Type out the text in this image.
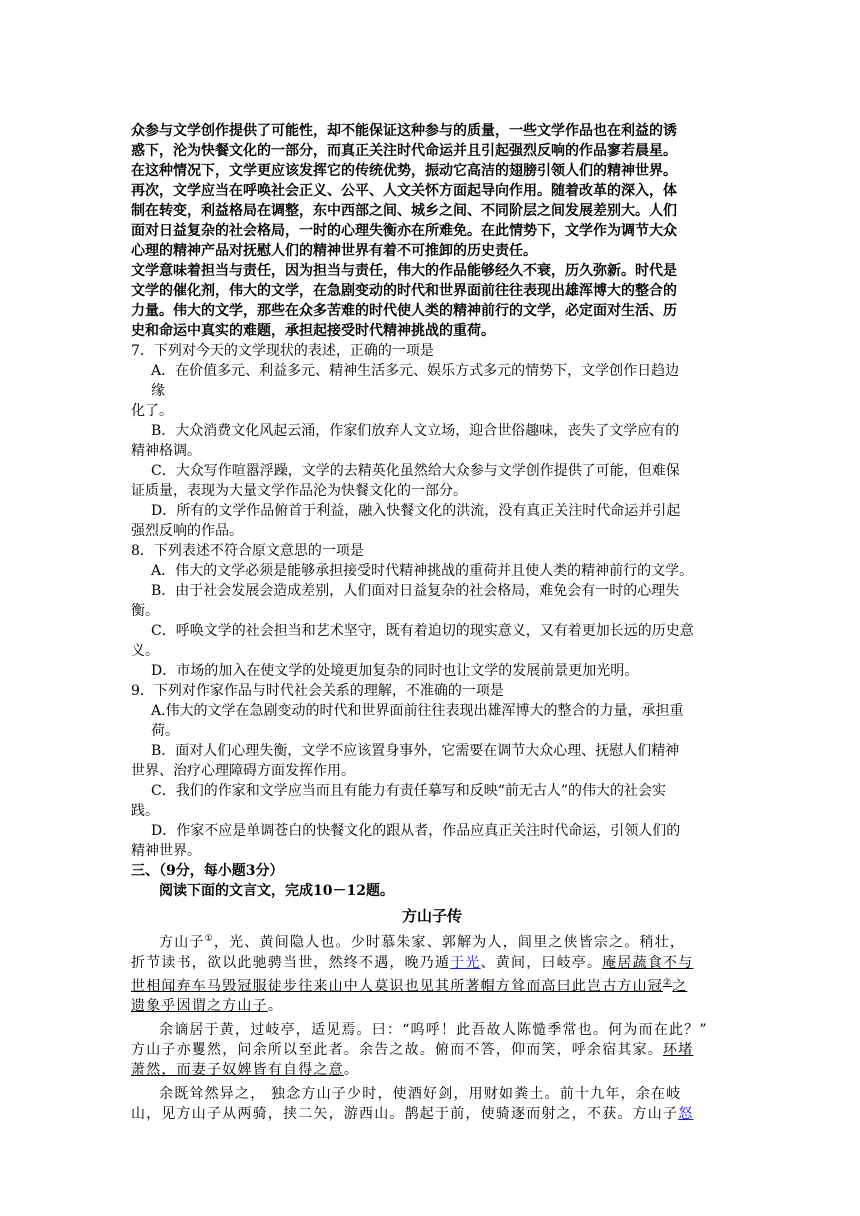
众参与文学创作提供了可能性，却不能保证这种参与的质量，一些文学作品也在利益的诱

惑下，沦为快餐文化的一部分，而真正关注时代命运并且引起强烈反响的作品寥若晨星。

在这种情况下，文学更应该发挥它的传统优势，振动它高洁的翅膀引领人们的精神世界。

再次，文学应当在呼唤社会正义、公平、人文关怀方面起导向作用。随着改革的深入，体

制在转变，利益格局在调整，东中西部之间、城乡之间、不同阶层之间发展差别大。人们

面对日益复杂的社会格局，一时的心理失衡亦在所难免。在此情势下，文学作为调节大众

心理的精神产品对抚慰人们的精神世界有着不可推卸的历史责任。

文学意味着担当与责任，因为担当与责任，伟大的作品能够经久不衰，历久弥新。时代是

文学的催化剂，伟大的文学，在急剧变动的时代和世界面前往往表现出雄浑博大的整合的

力量。伟大的文学，那些在众多苦难的时代使人类的精神前行的文学，必定面对生活、历

史和命运中真实的难题，承担起接受时代精神挑战的重荷。

7．下列对今天的文学现状的表述，正确的一项是

A．在价值多元、利益多元、精神生活多元、娱乐方式多元的情势下，文学创作日趋边

缘

化了。

B．大众消费文化风起云涌，作家们放弃人文立场，迎合世俗趣味，丧失了文学应有的

精神格调。

C．大众写作喧嚣浮躁，文学的去精英化虽然给大众参与文学创作提供了可能，但难保

证质量，表现为大量文学作品沦为快餐文化的一部分。

D．所有的文学作品俯首于利益，融入快餐文化的洪流，没有真正关注时代命运并引起

强烈反响的作品。

8．下列表述不符合原文意思的一项是

A．伟大的文学必须是能够承担接受时代精神挑战的重荷并且使人类的精神前行的文学。

B．由于社会发展会造成差别，人们面对日益复杂的社会格局，难免会有一时的心理失

衡。

C．呼唤文学的社会担当和艺术坚守，既有着迫切的现实意义，又有着更加长远的历史意

义。

D．市场的加入在使文学的处境更加复杂的同时也让文学的发展前景更加光明。

9．下列对作家作品与时代社会关系的理解，不准确的一项是

A.伟大的文学在急剧变动的时代和世界面前往往表现出雄浑博大的整合的力量，承担重

荷。

B．面对人们心理失衡，文学不应该置身事外，它需要在调节大众心理、抚慰人们精神

世界、治疗心理障碍方面发挥作用。

C．我们的作家和文学应当而且有能力有责任摹写和反映“前无古人”的伟大的社会实

践。

D．作家不应是单调苍白的快餐文化的跟从者，作品应真正关注时代命运，引领人们的

精神世界。

三、（9分，每小题3分）

阅读下面的文言文，完成10－12题。

方山子传

方山子①，光、黄间隐人也。少时慕朱家、郭解为人，闾里之侠皆宗之。稍壮，

折节读书，欲以此驰骋当世，然终不遇，晚乃遁于光、黄间，曰岐亭。庵居蔬食不与

世相闻弃车马毁冠服徒步往来山中人莫识也见其所著帽方耸而高曰此岂古方山冠②之

遗象乎因谓之方山子。

余谪居于黄，过岐亭，适见焉。曰：“呜呼！此吾故人陈慥季常也。何为而在此？”

方山子亦矍然，问余所以至此者。余告之故。俯而不答，仰而笑，呼余宿其家。环堵

萧然，而妻子奴婢皆有自得之意。

余既耸然异之， 独念方山子少时，使酒好剑，用财如粪土。前十九年，余在岐

山，见方山子从两骑，挟二矢，游西山。鹊起于前，使骑逐而射之，不获。方山子怒
